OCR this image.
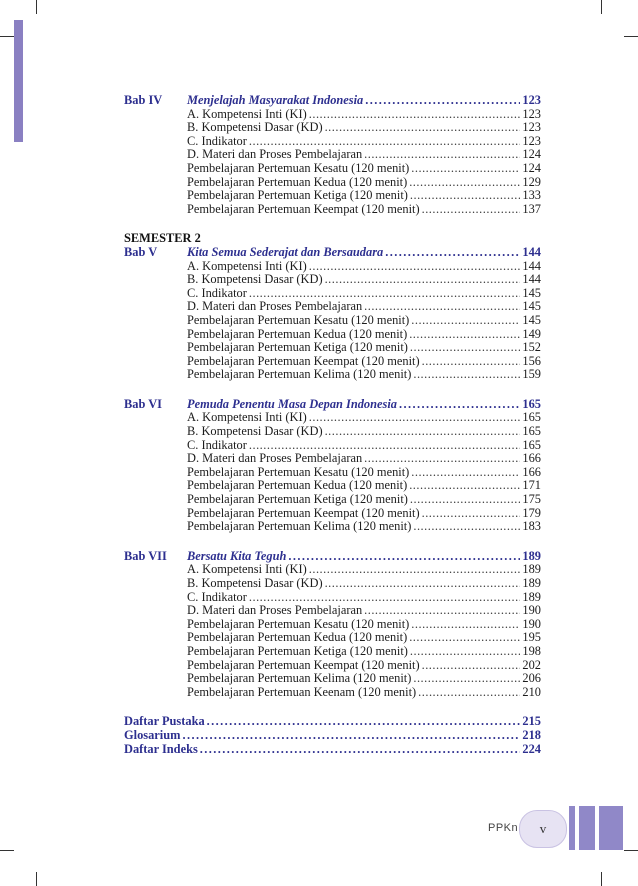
Bab IV	Menjelajah Masyarakat Indonesia .....	123
A. Kompetensi Inti (KI) .....	123
B. Kompetensi Dasar (KD) .....	123
C. Indikator .....	123
D. Materi dan Proses Pembelajaran .....	124
Pembelajaran Pertemuan Kesatu (120 menit) .....	124
Pembelajaran Pertemuan Kedua (120 menit) .....	129
Pembelajaran Pertemuan Ketiga (120 menit) .....	133
Pembelajaran Pertemuan Keempat (120 menit) .....	137
SEMESTER 2
Bab V	Kita Semua Sederajat dan Bersaudara .....	144
A. Kompetensi Inti (KI) .....	144
B. Kompetensi Dasar (KD) .....	144
C. Indikator .....	145
D. Materi dan Proses Pembelajaran .....	145
Pembelajaran Pertemuan Kesatu (120 menit) .....	145
Pembelajaran Pertemuan Kedua (120 menit) .....	149
Pembelajaran Pertemuan Ketiga (120 menit) .....	152
Pembelajaran Pertemuan Keempat (120 menit) .....	156
Pembelajaran Pertemuan Kelima (120 menit) .....	159
Bab VI	Pemuda Penentu Masa Depan Indonesia .....	165
A. Kompetensi Inti (KI) .....	165
B. Kompetensi Dasar (KD) .....	165
C. Indikator .....	165
D. Materi dan Proses Pembelajaran .....	166
Pembelajaran Pertemuan Kesatu (120 menit) .....	166
Pembelajaran Pertemuan Kedua (120 menit) .....	171
Pembelajaran Pertemuan Ketiga (120 menit) .....	175
Pembelajaran Pertemuan Keempat (120 menit) .....	179
Pembelajaran Pertemuan Kelima (120 menit) .....	183
Bab VII	Bersatu Kita Teguh .....	189
A. Kompetensi Inti (KI) .....	189
B. Kompetensi Dasar (KD) .....	189
C. Indikator .....	189
D. Materi dan Proses Pembelajaran .....	190
Pembelajaran Pertemuan Kesatu (120 menit) .....	190
Pembelajaran Pertemuan Kedua (120 menit) .....	195
Pembelajaran Pertemuan Ketiga (120 menit) .....	198
Pembelajaran Pertemuan Keempat (120 menit) .....	202
Pembelajaran Pertemuan Kelima (120 menit) .....	206
Pembelajaran Pertemuan Keenam (120 menit) .....	210
Daftar Pustaka .....	215
Glosarium .....	218
Daftar Indeks .....	224
PPKn	v
